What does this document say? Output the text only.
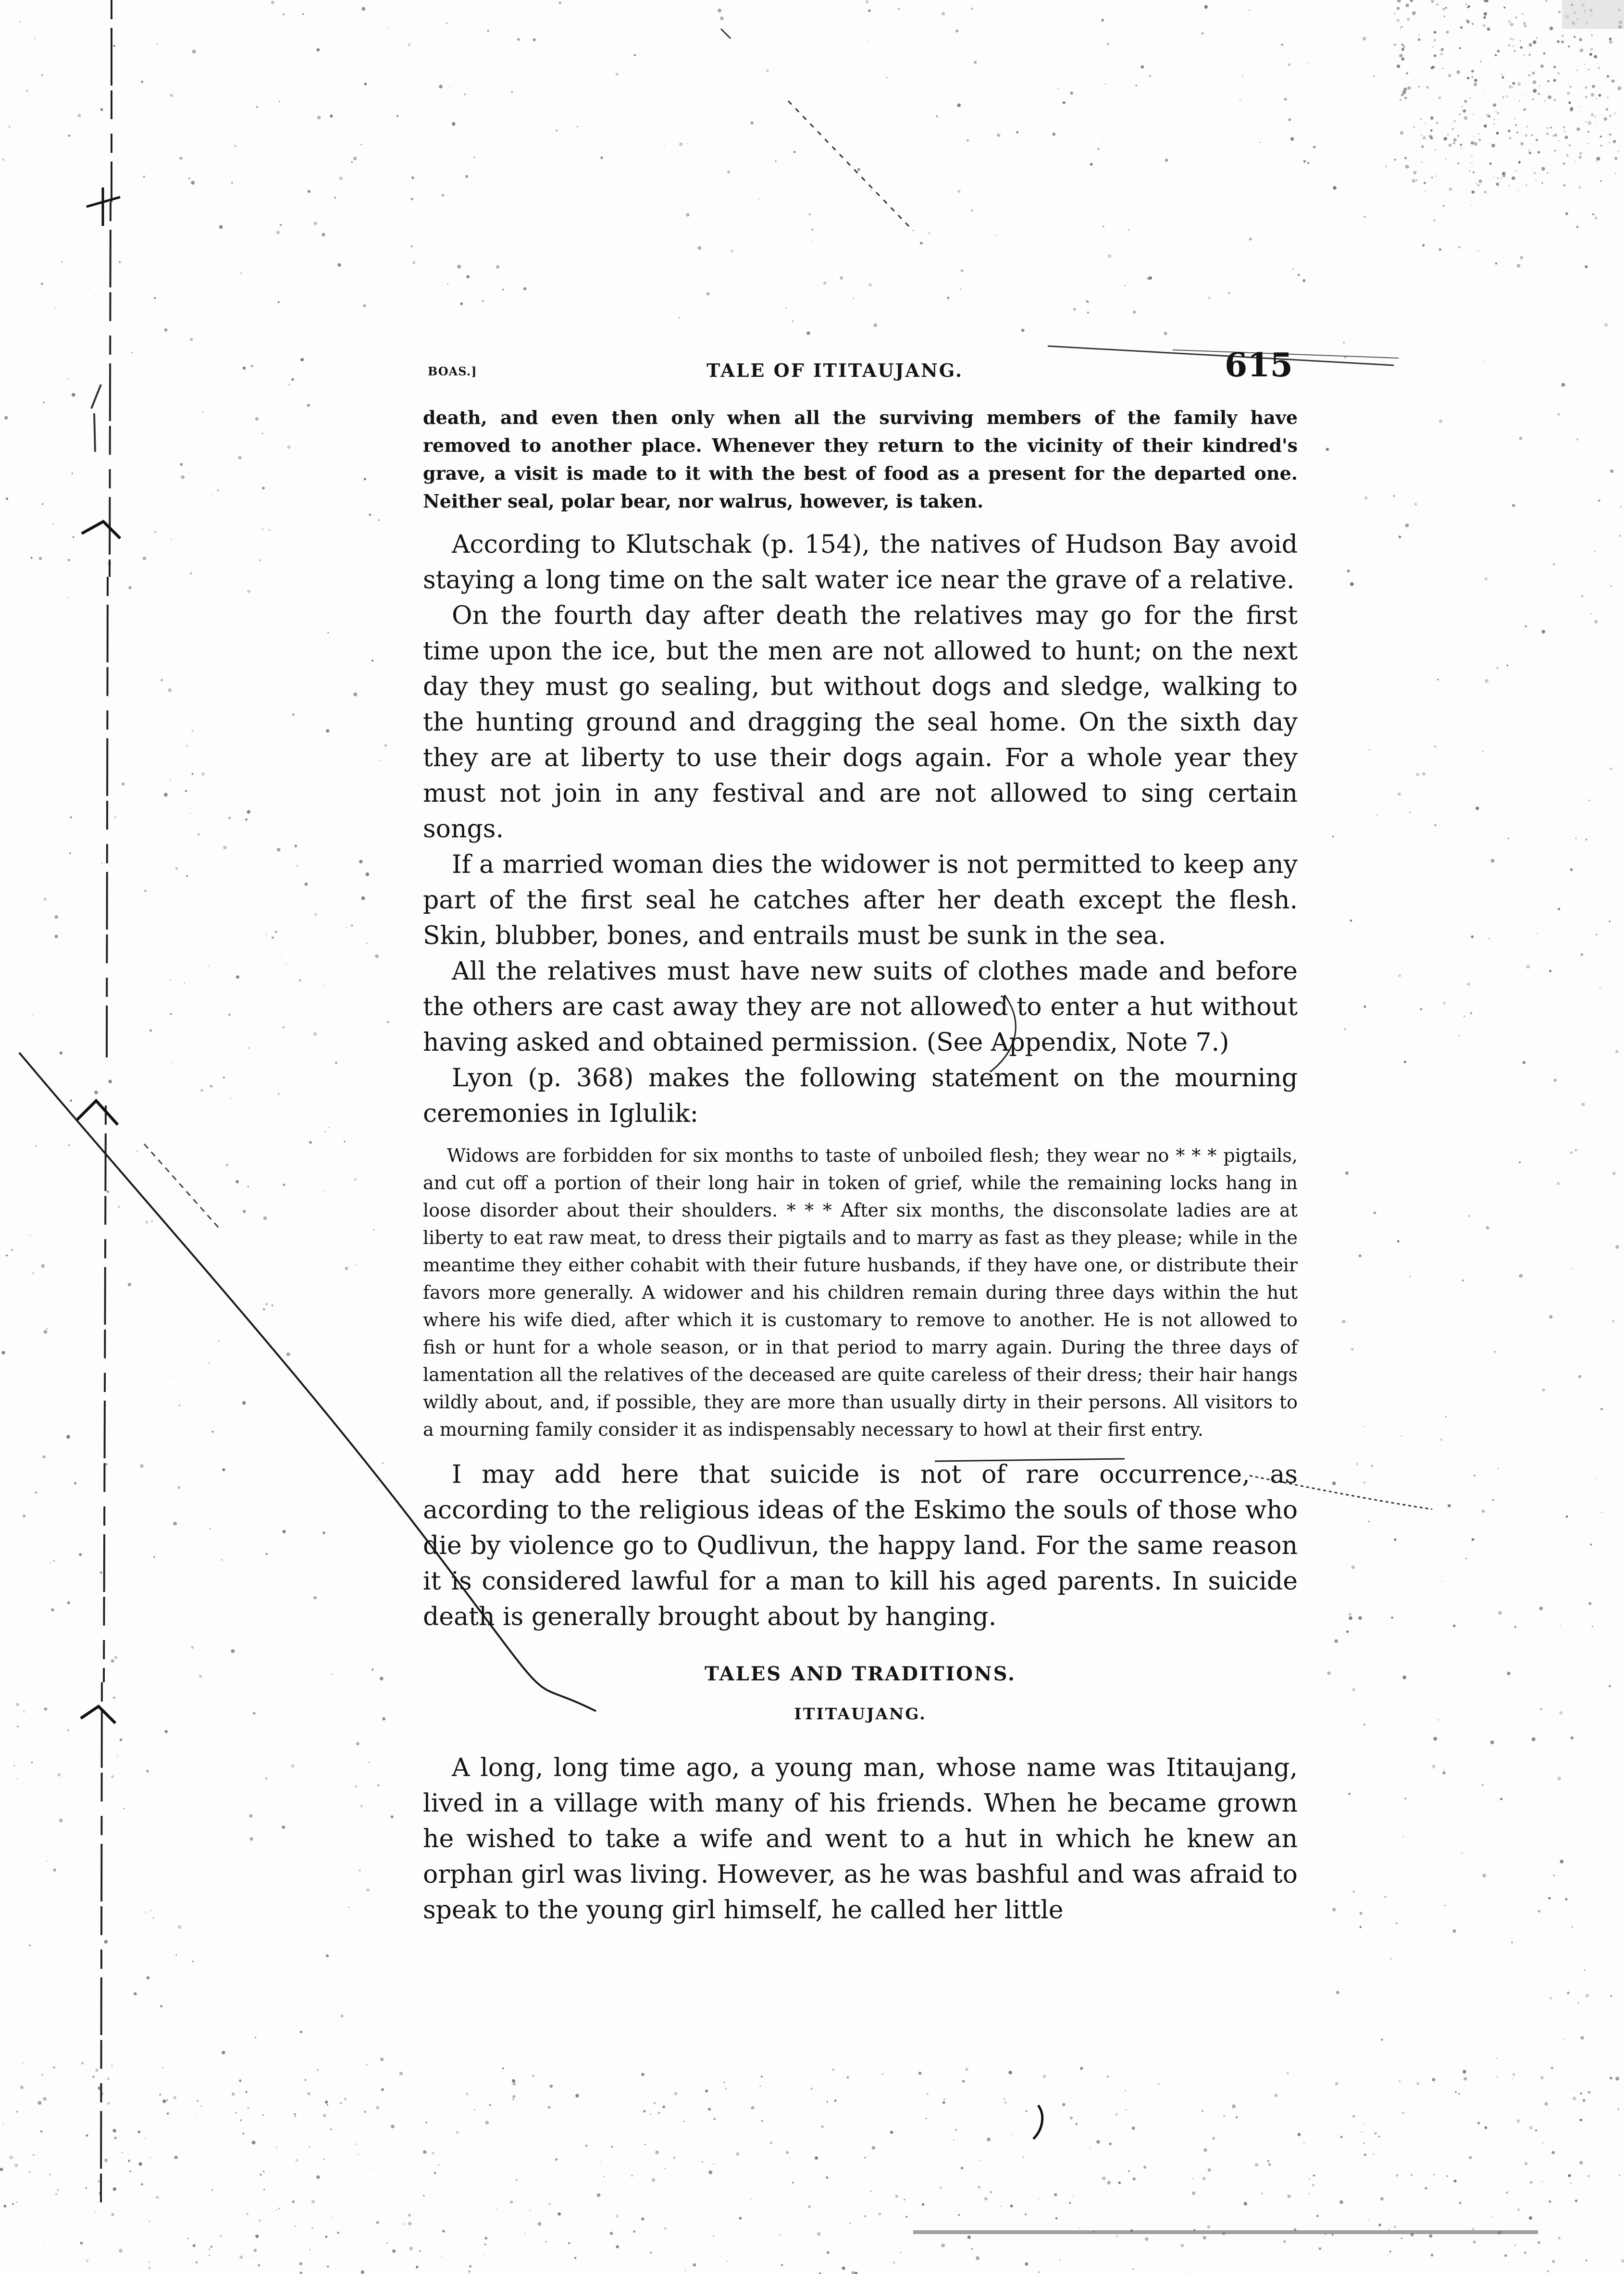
BOAS.]	TALE OF ITITAUJANG.	615

death, and even then only when all the surviving members of the family have removed to another place. Whenever they return to the vicinity of their kindred's grave, a visit is made to it with the best of food as a present for the departed one. Neither seal, polar bear, nor walrus, however, is taken.

According to Klutschak (p. 154), the natives of Hudson Bay avoid staying a long time on the salt water ice near the grave of a relative.

On the fourth day after death the relatives may go for the first time upon the ice, but the men are not allowed to hunt; on the next day they must go sealing, but without dogs and sledge, walking to the hunting ground and dragging the seal home. On the sixth day they are at liberty to use their dogs again. For a whole year they must not join in any festival and are not allowed to sing certain songs.

If a married woman dies the widower is not permitted to keep any part of the first seal he catches after her death except the flesh. Skin, blubber, bones, and entrails must be sunk in the sea.

All the relatives must have new suits of clothes made and before the others are cast away they are not allowed to enter a hut without having asked and obtained permission. (See Appendix, Note 7.)

Lyon (p. 368) makes the following statement on the mourning ceremonies in Iglulik:

Widows are forbidden for six months to taste of unboiled flesh; they wear no * * * pigtails, and cut off a portion of their long hair in token of grief, while the remaining locks hang in loose disorder about their shoulders. * * * After six months, the disconsolate ladies are at liberty to eat raw meat, to dress their pigtails and to marry as fast as they please; while in the meantime they either cohabit with their future husbands, if they have one, or distribute their favors more generally. A widower and his children remain during three days within the hut where his wife died, after which it is customary to remove to another. He is not allowed to fish or hunt for a whole season, or in that period to marry again. During the three days of lamentation all the relatives of the deceased are quite careless of their dress; their hair hangs wildly about, and, if possible, they are more than usually dirty in their persons. All visitors to a mourning family consider it as indispensably necessary to howl at their first entry.

I may add here that suicide is not of rare occurrence, as according to the religious ideas of the Eskimo the souls of those who die by violence go to Qudlivun, the happy land. For the same reason it is considered lawful for a man to kill his aged parents. In suicide death is generally brought about by hanging.

TALES AND TRADITIONS.
ITITAUJANG.

A long, long time ago, a young man, whose name was Ititaujang, lived in a village with many of his friends. When he became grown he wished to take a wife and went to a hut in which he knew an orphan girl was living. However, as he was bashful and was afraid to speak to the young girl himself, he called her little
